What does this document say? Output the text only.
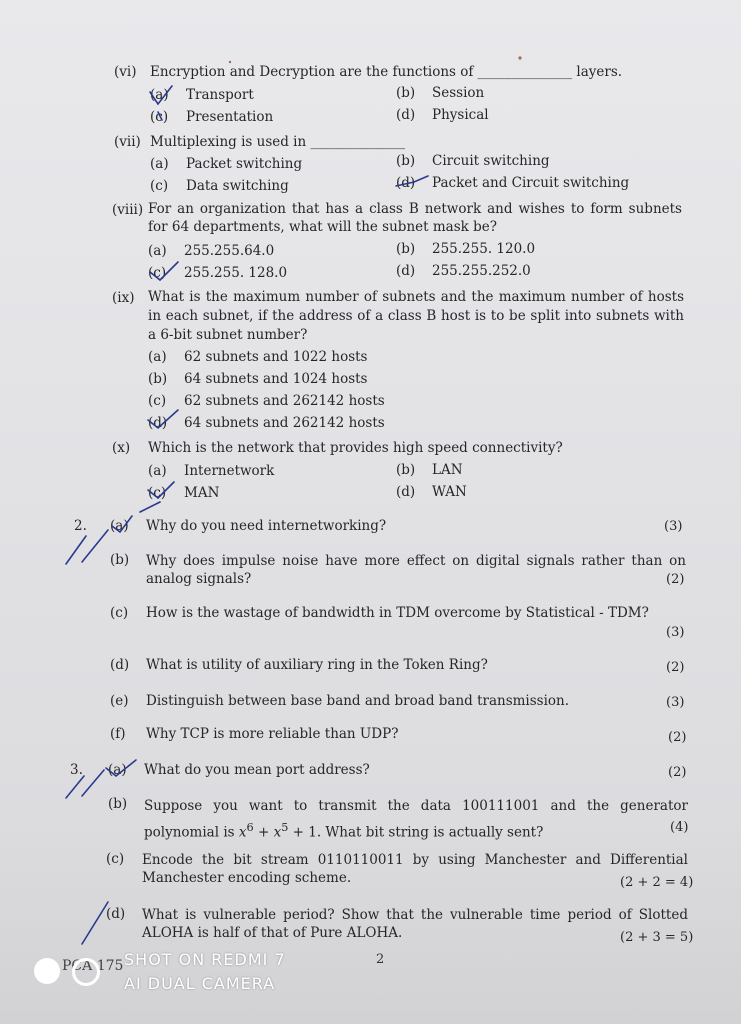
(vi) Encryption and Decryption are the functions of ______________ layers.
(a) Transport	(b) Session
(c) Presentation	(d) Physical
(vii) Multiplexing is used in ______________
(a) Packet switching	(b) Circuit switching
(c) Data switching	(d) Packet and Circuit switching
(viii) For an organization that has a class B network and wishes to form subnets for 64 departments, what will the subnet mask be?
(a) 255.255.64.0	(b) 255.255. 120.0
(c) 255.255. 128.0	(d) 255.255.252.0
(ix) What is the maximum number of subnets and the maximum number of hosts in each subnet, if the address of a class B host is to be split into subnets with a 6-bit subnet number?
(a) 62 subnets and 1022 hosts
(b) 64 subnets and 1024 hosts
(c) 62 subnets and 262142 hosts
(d) 64 subnets and 262142 hosts
(x) Which is the network that provides high speed connectivity?
(a) Internetwork	(b) LAN
(c) MAN	(d) WAN
2. (a) Why do you need internetworking?	(3)
(b) Why does impulse noise have more effect on digital signals rather than on analog signals?	(2)
(c) How is the wastage of bandwidth in TDM overcome by Statistical - TDM?
(3)
(d) What is utility of auxiliary ring in the Token Ring?	(2)
(e) Distinguish between base band and broad band transmission.	(3)
(f) Why TCP is more reliable than UDP?	(2)
3. (a) What do you mean port address?	(2)
(b) Suppose you want to transmit the data 100111001 and the generator polynomial is $x^6 + x^5 + 1$. What bit string is actually sent?	(4)
(c) Encode the bit stream 0110110011 by using Manchester and Differential Manchester encoding scheme.	(2 + 2 = 4)
(d) What is vulnerable period? Show that the vulnerable time period of Slotted ALOHA is half of that of Pure ALOHA.	(2 + 3 = 5)
PCA 175	2
SHOT ON REDMI 7
AI DUAL CAMERA
